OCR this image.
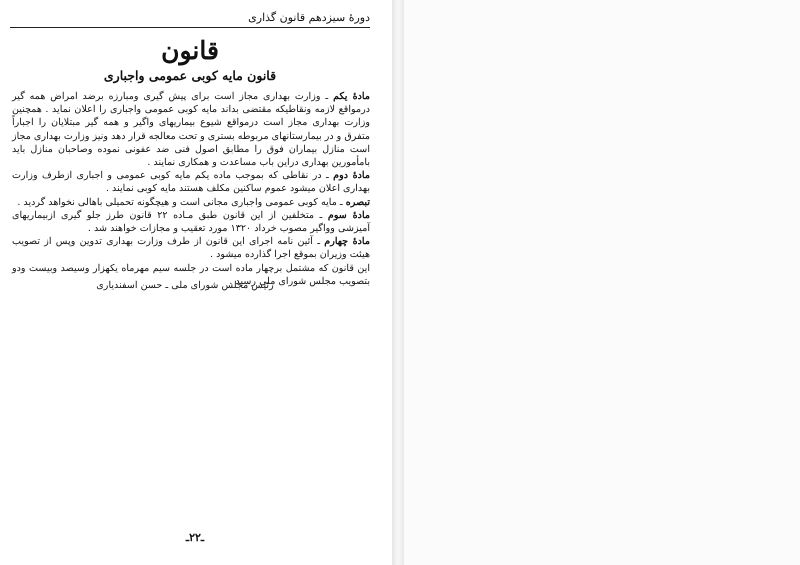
دورهٔ سیزدهم قانون گذاری
قانون
قانون مایه کوبی عمومی واجباری

مادهٔ یکم ـ وزارت بهداری مجاز است برای پیش گیری ومبارزه برضد امراض همه گیر درمواقع لازمه ونقاطیکه مقتضی بداند مایه کوبی عمومی واجباری را اعلان نماید . همچنین وزارت بهداری مجاز است درمواقع شیوع بیماریهای واگیر و همه گیر مبتلایان را اجباراً متفرق و در بیمارستانهای مربوطه بستری و تحت معالجه قرار دهد ونیز وزارت بهداری مجاز است منازل بیماران فوق را مطابق اصول فنی ضد عفونی نموده وصاحبان منازل باید بامأمورین بهداری دراین باب مساعدت و همکاری نمایند .

مادهٔ دوم ـ در نقاطی که بموجب ماده یکم مایه کوبی عمومی و اجباری ازطرف وزارت بهداری اعلان میشود عموم ساکنین مکلف هستند مایه کوبی نمایند .

تبصره ـ مایه کوبی عمومی واجباری مجانی است و هیچگونه تحمیلی باهالی نخواهد گردید .

مادهٔ سوم ـ متخلفین از این قانون طبق مـاده ۲۲ قانون طرز جلو گیری ازبیماریهای آمیزشی وواگیر مصوب خرداد ۱۳۲۰ مورد تعقیب و مجازات خواهند شد .

مادهٔ چهارم ـ آئین نامه اجرای این قانون از طرف وزارت بهداری تدوین وپس از تصویب هیئت وزیران بموقع اجرا گذارده میشود .

این قانون که مشتمل برچهار ماده است در جلسه سیم مهرماه یکهزار وسیصد وبیست ودو بتصویب مجلس شورای ملی رسید .

رئیس مجلس شورای ملی ـ حسن اسفندیاری
ـ۲۲ـ
